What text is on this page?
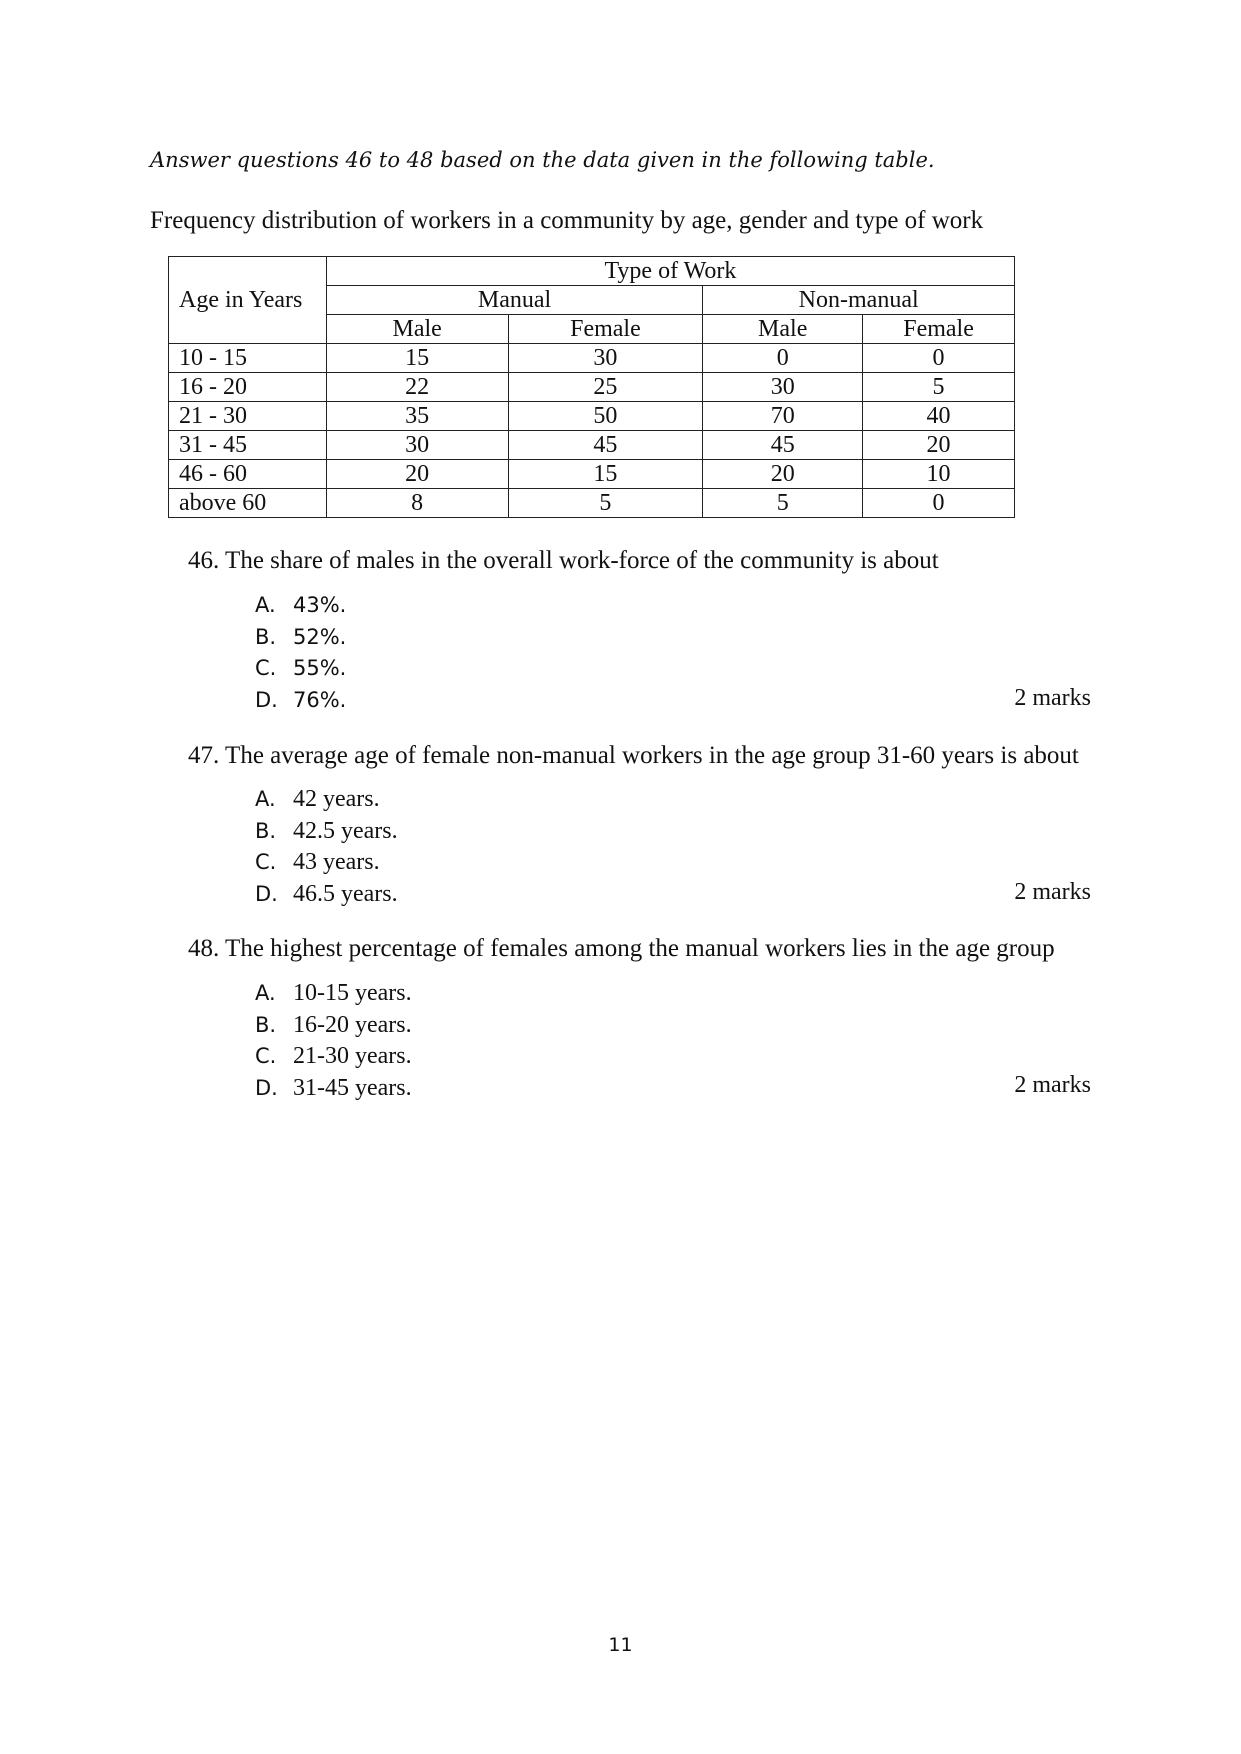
Answer questions 46 to 48 based on the data given in the following table.
Frequency distribution of workers in a community by age, gender and type of work
Age in Years	Type of Work			
	Manual		Non-manual	
	Male	Female	Male	Female
10 - 15	15	30	0	0
16 - 20	22	25	30	5
21 - 30	35	50	70	40
31 - 45	30	45	45	20
46 - 60	20	15	20	10
above 60	8	5	5	0
46. The share of males in the overall work-force of the community is about
A. 43%.
B. 52%.
C. 55%.
D. 76%.	2 marks
47. The average age of female non-manual workers in the age group 31-60 years is about
A. 42 years.
B. 42.5 years.
C. 43 years.
D. 46.5 years.	2 marks
48. The highest percentage of females among the manual workers lies in the age group
A. 10-15 years.
B. 16-20 years.
C. 21-30 years.
D. 31-45 years.	2 marks
11
